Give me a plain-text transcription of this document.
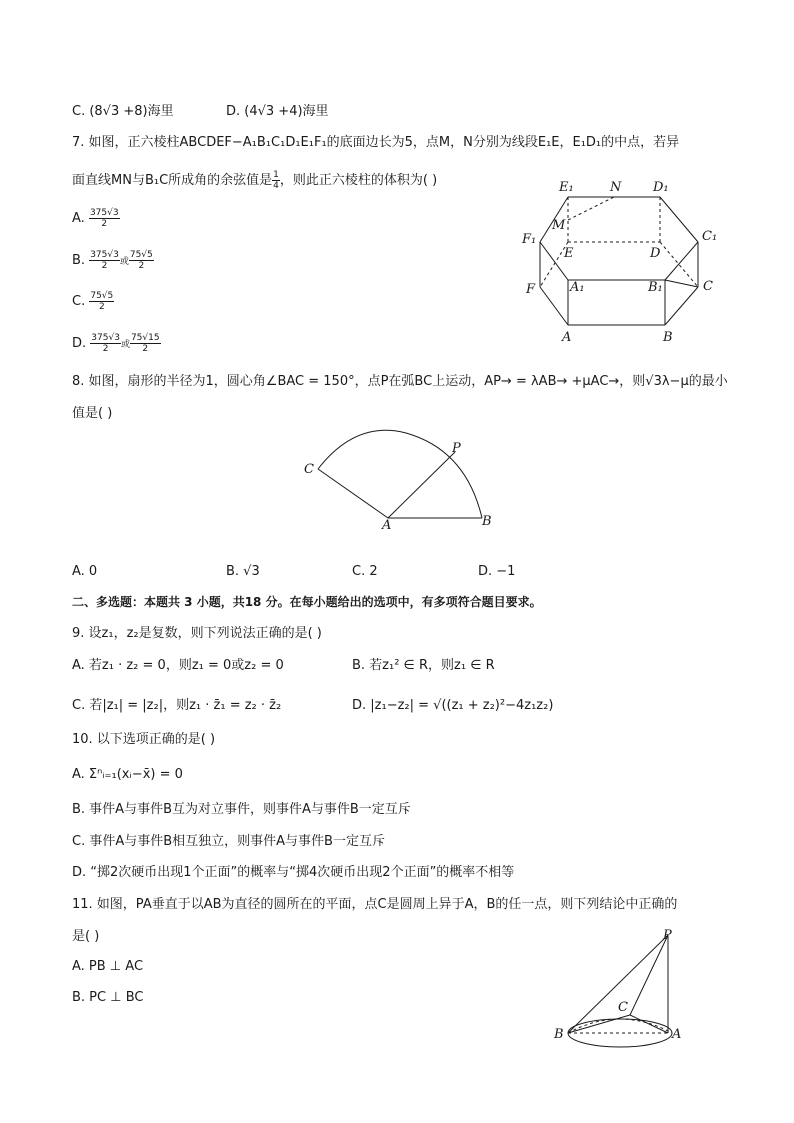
C. (8√3 +8)海里	D. (4√3 +4)海里
7. 如图，正六棱柱ABCDEF−A₁B₁C₁D₁E₁F₁的底面边长为5，点M，N分别为线段E₁E，E₁D₁的中点，若异
面直线MN与B₁C所成角的余弦值是 $\frac{1}{4}$ ，则此正六棱柱的体积为( )
A. $\frac{375√3}{2}$
B. $\frac{375√3}{2}$ 或 $\frac{75√5}{2}$
C. $\frac{75√5}{2}$
D. $\frac{375√3}{2}$ 或 $\frac{75√15}{2}$
E₁	N D₁
M
F₁	C₁
E	D
F	A₁	B₁	C
A	B
8. 如图，扇形的半径为1，圆心角∠BAC = 150°，点P在弧BC上运动，AP→ = λAB→ +μAC→，则√3λ−μ的最小
值是( )
C
P
A	B
A. 0	B. √3	C. 2	D. −1
二、多选题：本题共 3 小题，共18 分。在每小题给出的选项中，有多项符合题目要求。
9. 设z₁，z₂是复数，则下列说法正确的是( )
A. 若z₁ · z₂ = 0，则z₁ = 0或z₂ = 0	B. 若z₁² ∈ R，则z₁ ∈ R
C. 若|z₁| = |z₂|，则z₁ · z̄₁ = z₂ · z̄₂	D. |z₁−z₂| = √((z₁ + z₂)²−4z₁z₂)
10. 以下选项正确的是( )
A. Σⁿᵢ₌₁(xᵢ−x̄) = 0
B. 事件A与事件B互为对立事件，则事件A与事件B一定互斥
C. 事件A与事件B相互独立，则事件A与事件B一定互斥
D. “掷2次硬币出现1个正面”的概率与“掷4次硬币出现2个正面”的概率不相等
11. 如图，PA垂直于以AB为直径的圆所在的平面，点C是圆周上异于A，B的任一点，则下列结论中正确的
是( )
A. PB ⊥ AC
B. PC ⊥ BC
P
C
B	A
